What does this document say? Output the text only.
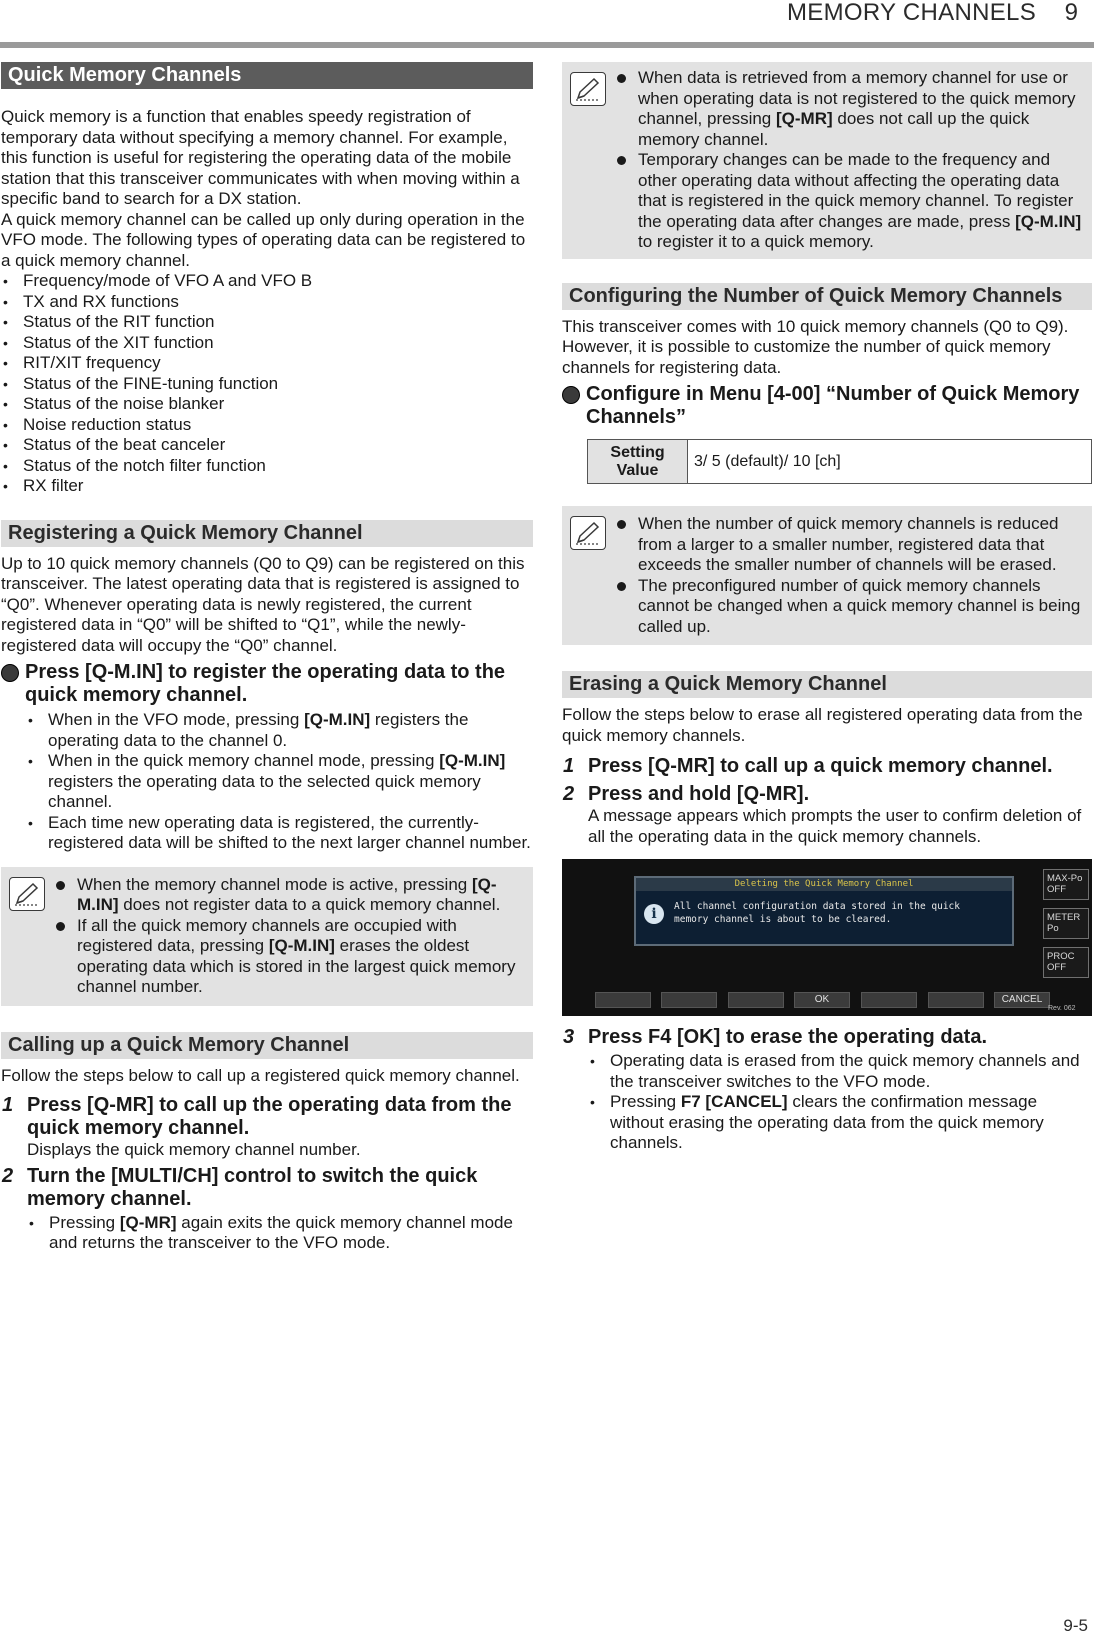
MEMORY CHANNELS 9
Quick Memory Channels

Quick memory is a function that enables speedy registration of temporary data without specifying a memory channel. For example, this function is useful for registering the operating data of the mobile station that this transceiver communicates with when moving within a specific band to search for a DX station.

A quick memory channel can be called up only during operation in the VFO mode. The following types of operating data can be registered to a quick memory channel.

• Frequency/mode of VFO A and VFO B
• TX and RX functions
• Status of the RIT function
• Status of the XIT function
• RIT/XIT frequency
• Status of the FINE-tuning function
• Status of the noise blanker
• Noise reduction status
• Status of the beat canceler
• Status of the notch filter function
• RX filter
Registering a Quick Memory Channel

Up to 10 quick memory channels (Q0 to Q9) can be registered on this transceiver. The latest operating data that is registered is assigned to “Q0”. Whenever operating data is newly registered, the current registered data in “Q0” will be shifted to “Q1”, while the newly-registered data will occupy the “Q0” channel.

Press [Q-M.IN] to register the operating data to the quick memory channel.
• When in the VFO mode, pressing [Q-M.IN] registers the operating data to the channel 0.
• When in the quick memory channel mode, pressing [Q-M.IN] registers the operating data to the selected quick memory channel.
• Each time new operating data is registered, the currently-registered data will be shifted to the next larger channel number.
When the memory channel mode is active, pressing [Q-M.IN] does not register data to a quick memory channel.
If all the quick memory channels are occupied with registered data, pressing [Q-M.IN] erases the oldest operating data which is stored in the largest quick memory channel number.
Calling up a Quick Memory Channel

Follow the steps below to call up a registered quick memory channel.

1 Press [Q-MR] to call up the operating data from the quick memory channel.
Displays the quick memory channel number.
2 Turn the [MULTI/CH] control to switch the quick memory channel.
• Pressing [Q-MR] again exits the quick memory channel mode and returns the transceiver to the VFO mode.
When data is retrieved from a memory channel for use or when operating data is not registered to the quick memory channel, pressing [Q-MR] does not call up the quick memory channel.
Temporary changes can be made to the frequency and other operating data without affecting the operating data that is registered in the quick memory channel. To register the operating data after changes are made, press [Q-M.IN] to register it to a quick memory.
Configuring the Number of Quick Memory Channels

This transceiver comes with 10 quick memory channels (Q0 to Q9). However, it is possible to customize the number of quick memory channels for registering data.

Configure in Menu [4-00] “Number of Quick Memory Channels”
Setting
Value	3/ 5 (default)/ 10 [ch]
When the number of quick memory channels is reduced from a larger to a smaller number, registered data that exceeds the smaller number of channels will be erased.
The preconfigured number of quick memory channels cannot be changed when a quick memory channel is being called up.
Erasing a Quick Memory Channel

Follow the steps below to erase all registered operating data from the quick memory channels.

1 Press [Q-MR] to call up a quick memory channel.
2 Press and hold [Q-MR].
A message appears which prompts the user to confirm deletion of all the operating data in the quick memory channels.
Deleting the Quick Memory Channel
i	All channel configuration data stored in the quick
memory channel is about to be cleared.
MAX-Po
OFF
METER
Po
PROC
OFF
OK	CANCEL
Rev. 062
3 Press F4 [OK] to erase the operating data.
• Operating data is erased from the quick memory channels and the transceiver switches to the VFO mode.
• Pressing F7 [CANCEL] clears the confirmation message without erasing the operating data from the quick memory channels.
9-5
